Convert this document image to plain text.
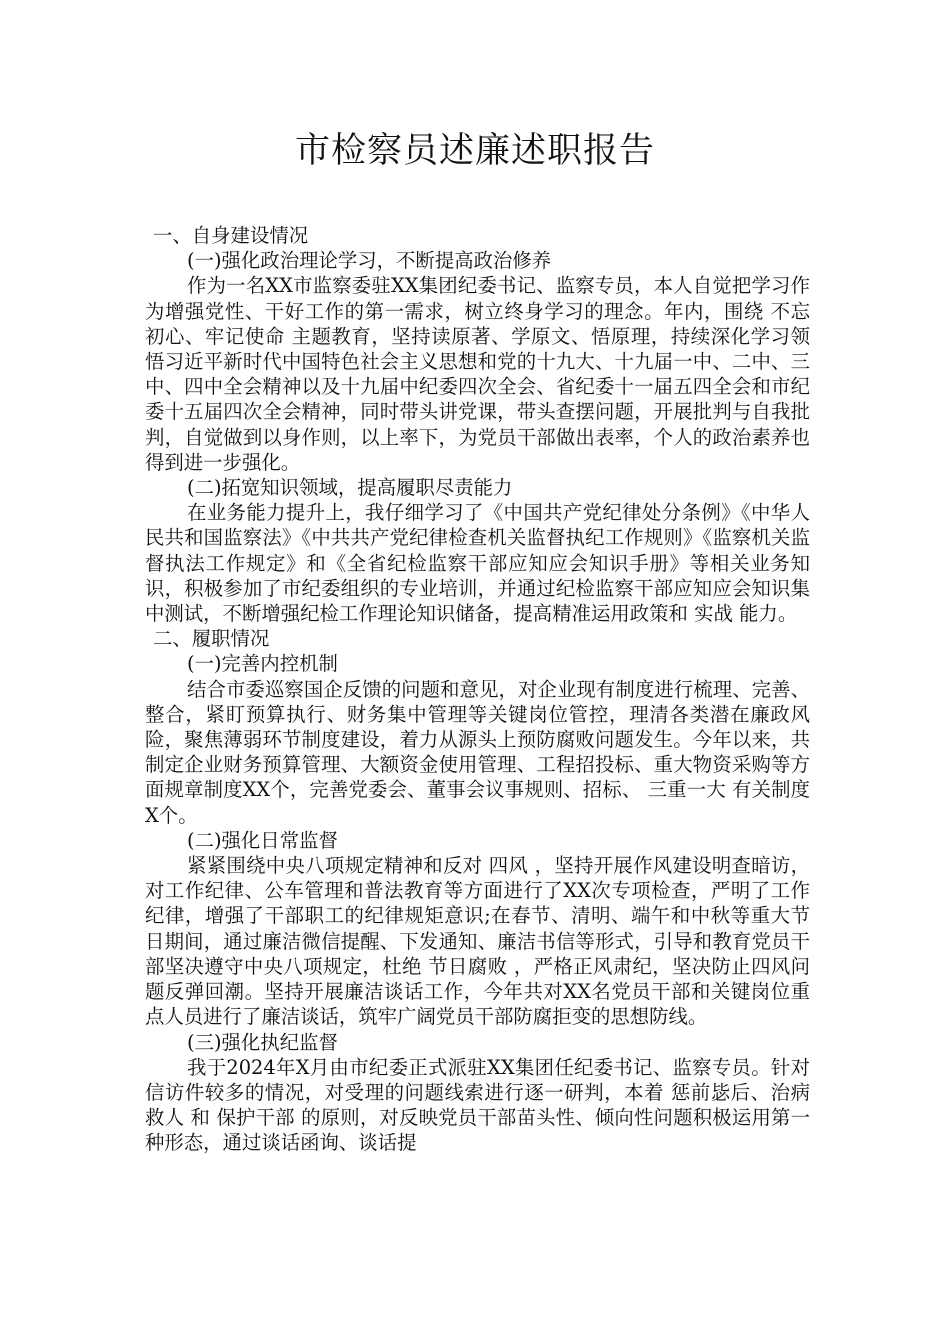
市检察员述廉述职报告

一、自身建设情况

(一)强化政治理论学习，不断提高政治修养

作为一名XX市监察委驻XX集团纪委书记、监察专员，本人自觉把学习作为增强党性、干好工作的第一需求，树立终身学习的理念。年内，围绕 不忘初心、牢记使命 主题教育，坚持读原著、学原文、悟原理，持续深化学习领悟习近平新时代中国特色社会主义思想和党的十九大、十九届一中、二中、三中、四中全会精神以及十九届中纪委四次全会、省纪委十一届五四全会和市纪委十五届四次全会精神，同时带头讲党课，带头查摆问题，开展批判与自我批判，自觉做到以身作则，以上率下，为党员干部做出表率，个人的政治素养也得到进一步强化。

(二)拓宽知识领域，提高履职尽责能力

在业务能力提升上，我仔细学习了《中国共产党纪律处分条例》《中华人民共和国监察法》《中共共产党纪律检查机关监督执纪工作规则》《监察机关监督执法工作规定》和《全省纪检监察干部应知应会知识手册》等相关业务知识，积极参加了市纪委组织的专业培训，并通过纪检监察干部应知应会知识集中测试，不断增强纪检工作理论知识储备，提高精准运用政策和 实战 能力。

二、履职情况

(一)完善内控机制

结合市委巡察国企反馈的问题和意见，对企业现有制度进行梳理、完善、整合，紧盯预算执行、财务集中管理等关键岗位管控，理清各类潜在廉政风险，聚焦薄弱环节制度建设，着力从源头上预防腐败问题发生。今年以来，共制定企业财务预算管理、大额资金使用管理、工程招投标、重大物资采购等方面规章制度XX个，完善党委会、董事会议事规则、招标、 三重一大 有关制度X个。

(二)强化日常监督

紧紧围绕中央八项规定精神和反对 四风 ，坚持开展作风建设明查暗访，对工作纪律、公车管理和普法教育等方面进行了XX次专项检查，严明了工作纪律，增强了干部职工的纪律规矩意识;在春节、清明、端午和中秋等重大节日期间，通过廉洁微信提醒、下发通知、廉洁书信等形式，引导和教育党员干部坚决遵守中央八项规定，杜绝 节日腐败 ，严格正风肃纪，坚决防止四风问题反弹回潮。坚持开展廉洁谈话工作，今年共对XX名党员干部和关键岗位重点人员进行了廉洁谈话，筑牢广阔党员干部防腐拒变的思想防线。

(三)强化执纪监督

我于2024年X月由市纪委正式派驻XX集团任纪委书记、监察专员。针对信访件较多的情况，对受理的问题线索进行逐一研判，本着 惩前毖后、治病救人 和 保护干部 的原则，对反映党员干部苗头性、倾向性问题积极运用第一种形态，通过谈话函询、谈话提
